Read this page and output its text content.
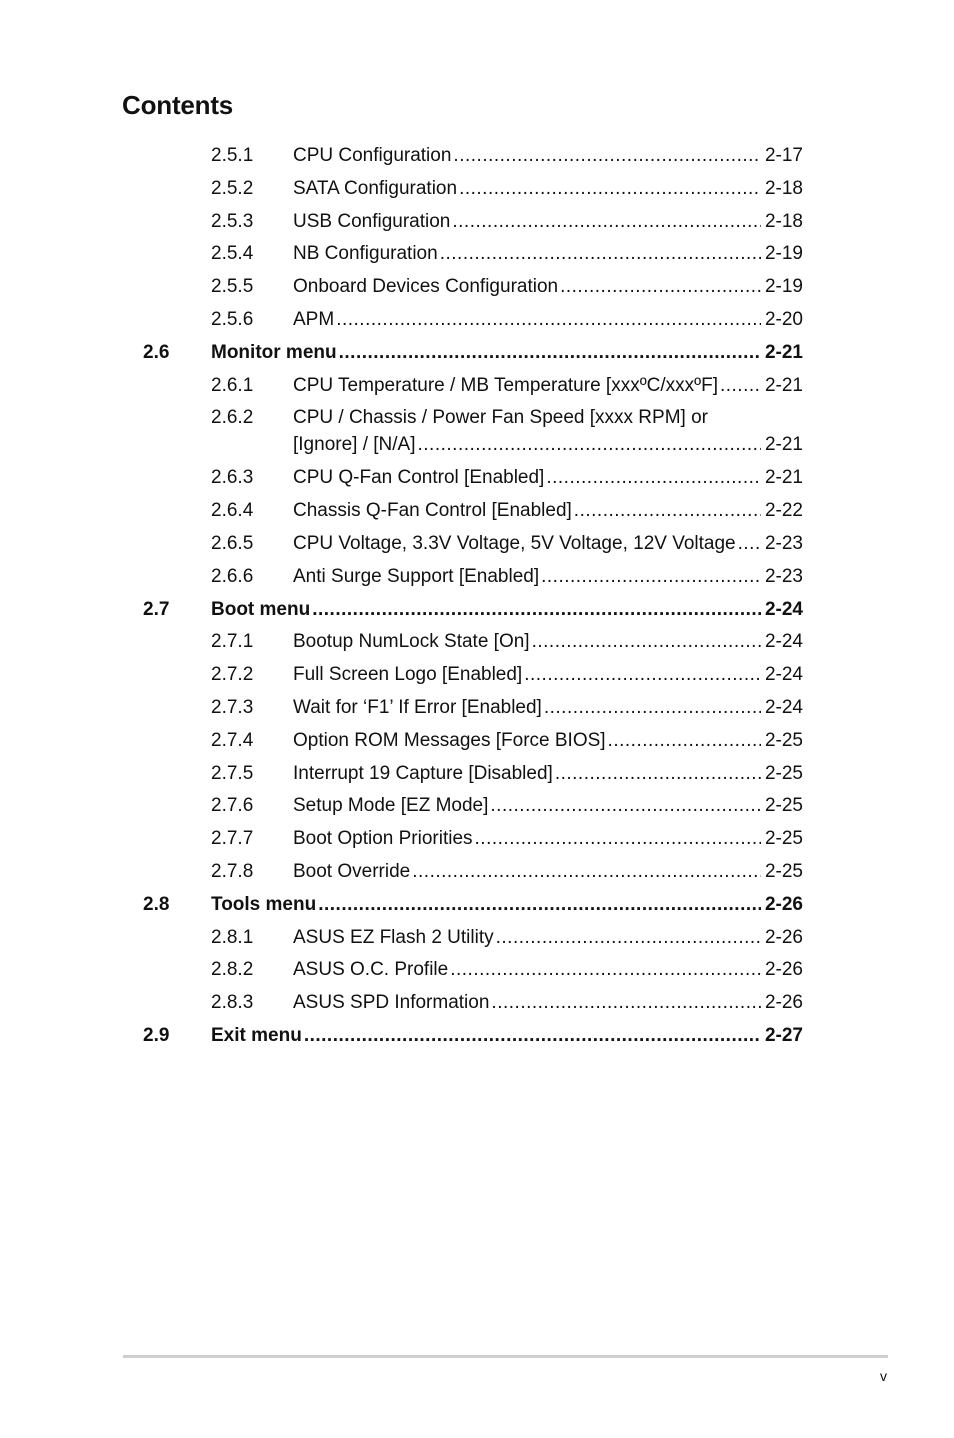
Contents
2.5.1 CPU Configuration .....	2-17
2.5.2 SATA Configuration .....	2-18
2.5.3 USB Configuration .....	2-18
2.5.4 NB Configuration .....	2-19
2.5.5 Onboard Devices Configuration .....	2-19
2.5.6 APM .....	2-20
2.6 Monitor menu .....	2-21
2.6.1 CPU Temperature / MB Temperature [xxxºC/xxxºF] ..... 2-21
2.6.2 CPU / Chassis / Power Fan Speed [xxxx RPM] or
[Ignore] / [N/A] .....	2-21
2.6.3 CPU Q-Fan Control [Enabled] .....	2-21
2.6.4 Chassis Q-Fan Control [Enabled] .....	2-22
2.6.5 CPU Voltage, 3.3V Voltage, 5V Voltage, 12V Voltage ..... 2-23
2.6.6 Anti Surge Support [Enabled] .....	2-23
2.7 Boot menu .....	2-24
2.7.1 Bootup NumLock State [On] .....	2-24
2.7.2 Full Screen Logo [Enabled] .....	2-24
2.7.3 Wait for ‘F1’ If Error [Enabled] .....	2-24
2.7.4 Option ROM Messages [Force BIOS] .....	2-25
2.7.5 Interrupt 19 Capture [Disabled] .....	2-25
2.7.6 Setup Mode [EZ Mode] .....	2-25
2.7.7 Boot Option Priorities .....	2-25
2.7.8 Boot Override .....	2-25
2.8 Tools menu .....	2-26
2.8.1 ASUS EZ Flash 2 Utility .....	2-26
2.8.2 ASUS O.C. Profile .....	2-26
2.8.3 ASUS SPD Information .....	2-26
2.9 Exit menu .....	2-27
v
